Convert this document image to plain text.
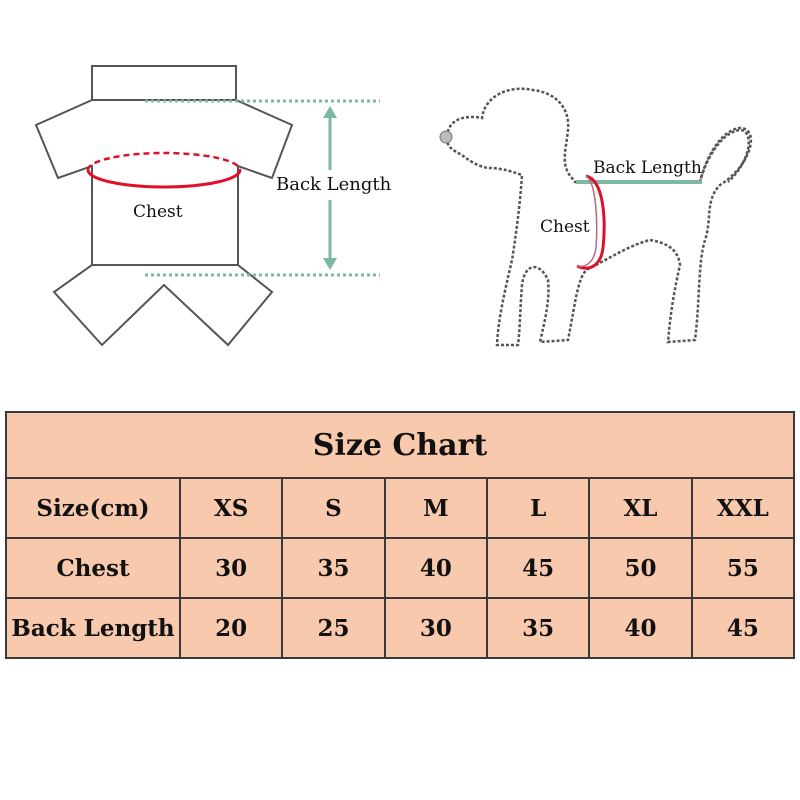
Chest
Back Length
Back Length
Chest
Size Chart						
Size(cm)	XS	S	M	L	XL	XXL
Chest	30	35	40	45	50	55
Back Length	20	25	30	35	40	45
